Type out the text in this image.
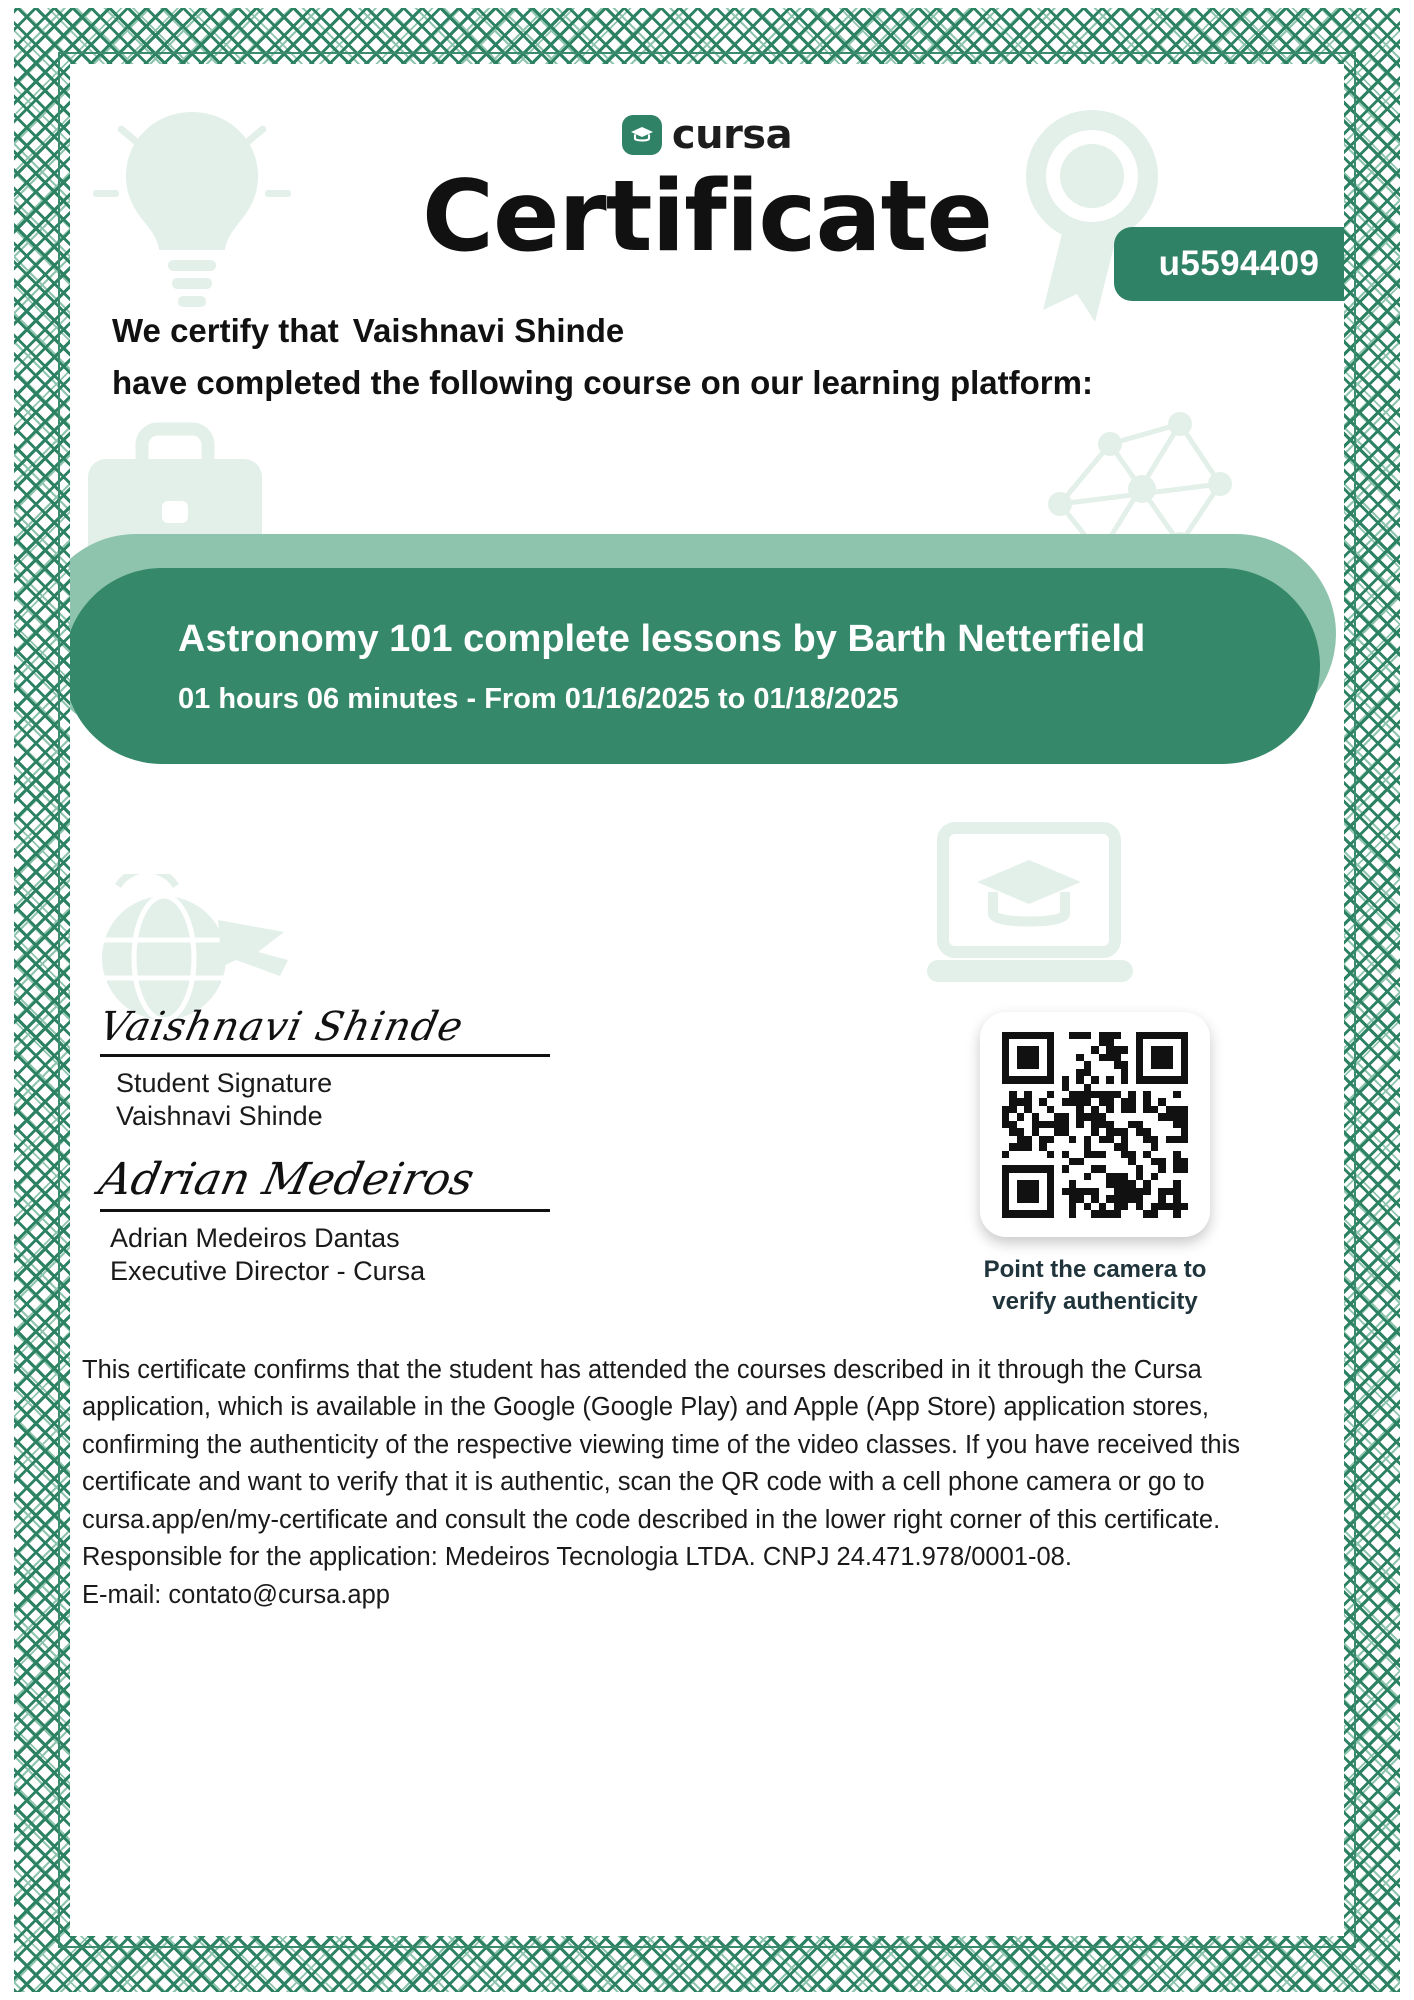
cursa
Certificate	u5594409
We certify that Vaishnavi Shinde
have completed the following course on our learning platform:
Astronomy 101 complete lessons by Barth Netterfield
01 hours 06 minutes - From 01/16/2025 to 01/18/2025
Vaishnavi Shinde
Student Signature
Vaishnavi Shinde
Adrian Medeiros
Adrian Medeiros Dantas
Executive Director - Cursa	Point the camera to
verify authenticity

This certificate confirms that the student has attended the courses described in it through the Cursa

application, which is available in the Google (Google Play) and Apple (App Store) application stores,

confirming the authenticity of the respective viewing time of the video classes. If you have received this

certificate and want to verify that it is authentic, scan the QR code with a cell phone camera or go to

cursa.app/en/my-certificate and consult the code described in the lower right corner of this certificate.

Responsible for the application: Medeiros Tecnologia LTDA. CNPJ 24.471.978/0001-08.

E-mail: contato@cursa.app
